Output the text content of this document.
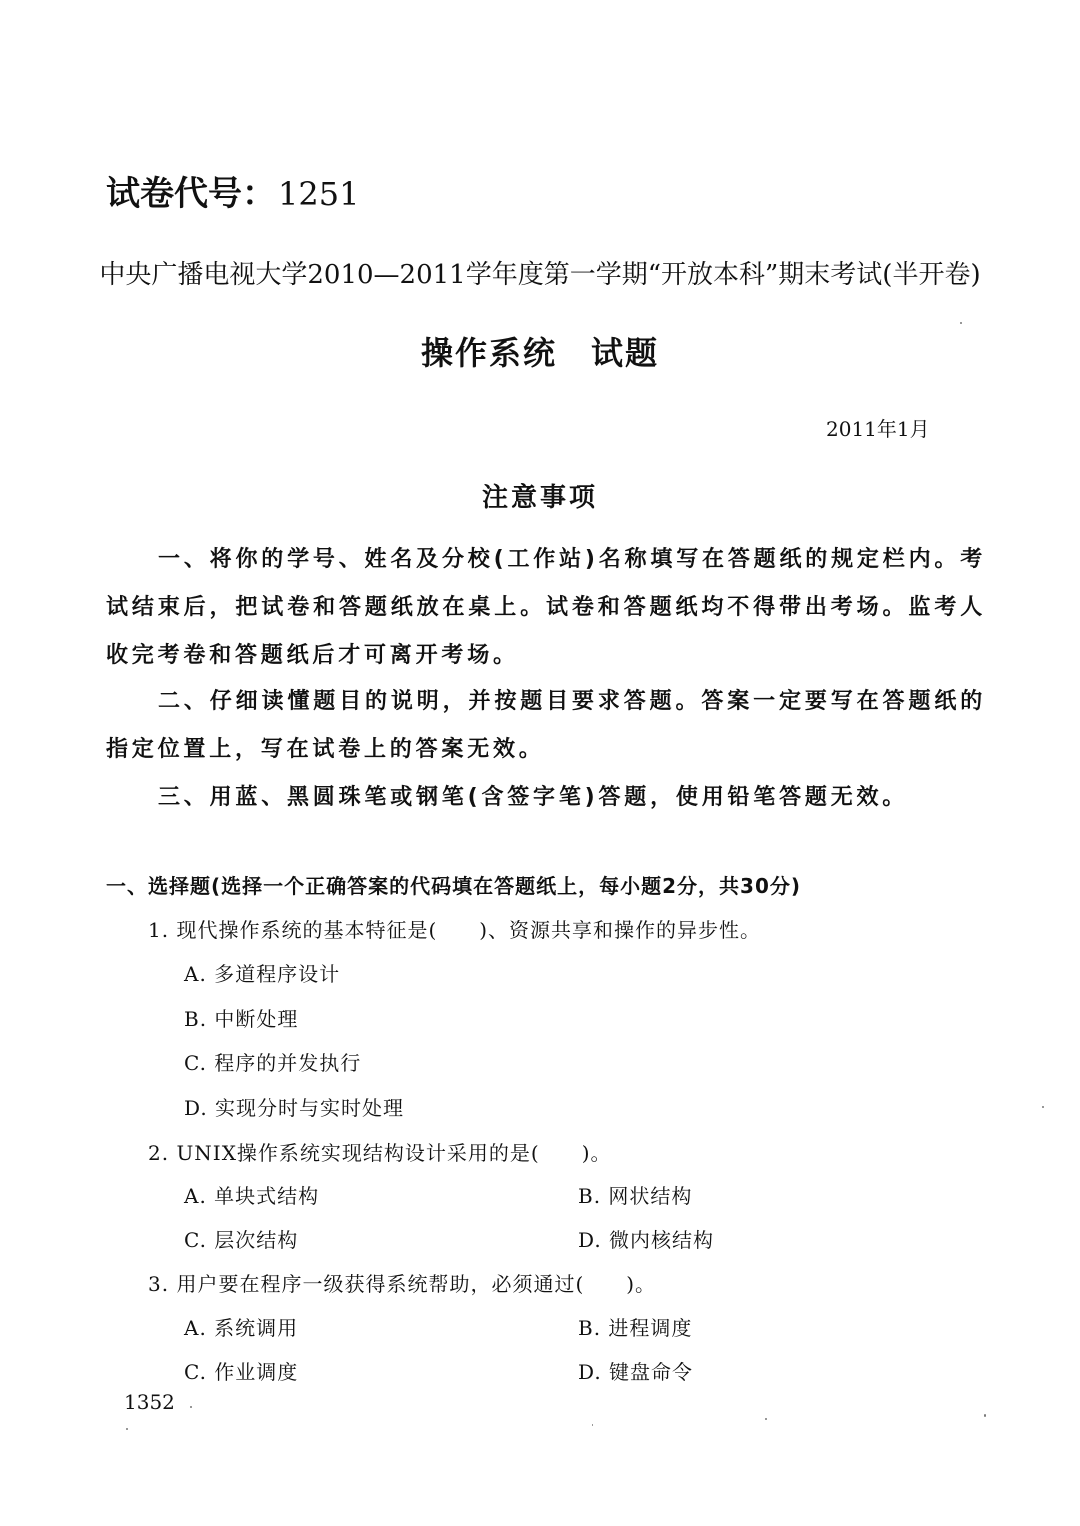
试卷代号：1251
中央广播电视大学2010—2011学年度第一学期“开放本科”期末考试(半开卷)
操作系统　试题
2011年1月
注意事项

一、将你的学号、姓名及分校(工作站)名称填写在答题纸的规定栏内。考试结束后，把试卷和答题纸放在桌上。试卷和答题纸均不得带出考场。监考人收完考卷和答题纸后才可离开考场。

二、仔细读懂题目的说明，并按题目要求答题。答案一定要写在答题纸的指定位置上，写在试卷上的答案无效。

三、用蓝、黑圆珠笔或钢笔(含签字笔)答题，使用铅笔答题无效。

一、选择题(选择一个正确答案的代码填在答题纸上，每小题2分，共30分)
1. 现代操作系统的基本特征是(　　)、资源共享和操作的异步性。
A. 多道程序设计
B. 中断处理
C. 程序的并发执行
D. 实现分时与实时处理
2. UNIX操作系统实现结构设计采用的是(　　)。
A. 单块式结构	B. 网状结构
C. 层次结构	D. 微内核结构
3. 用户要在程序一级获得系统帮助，必须通过(　　)。
A. 系统调用	B. 进程调度
C. 作业调度	D. 键盘命令
1352
